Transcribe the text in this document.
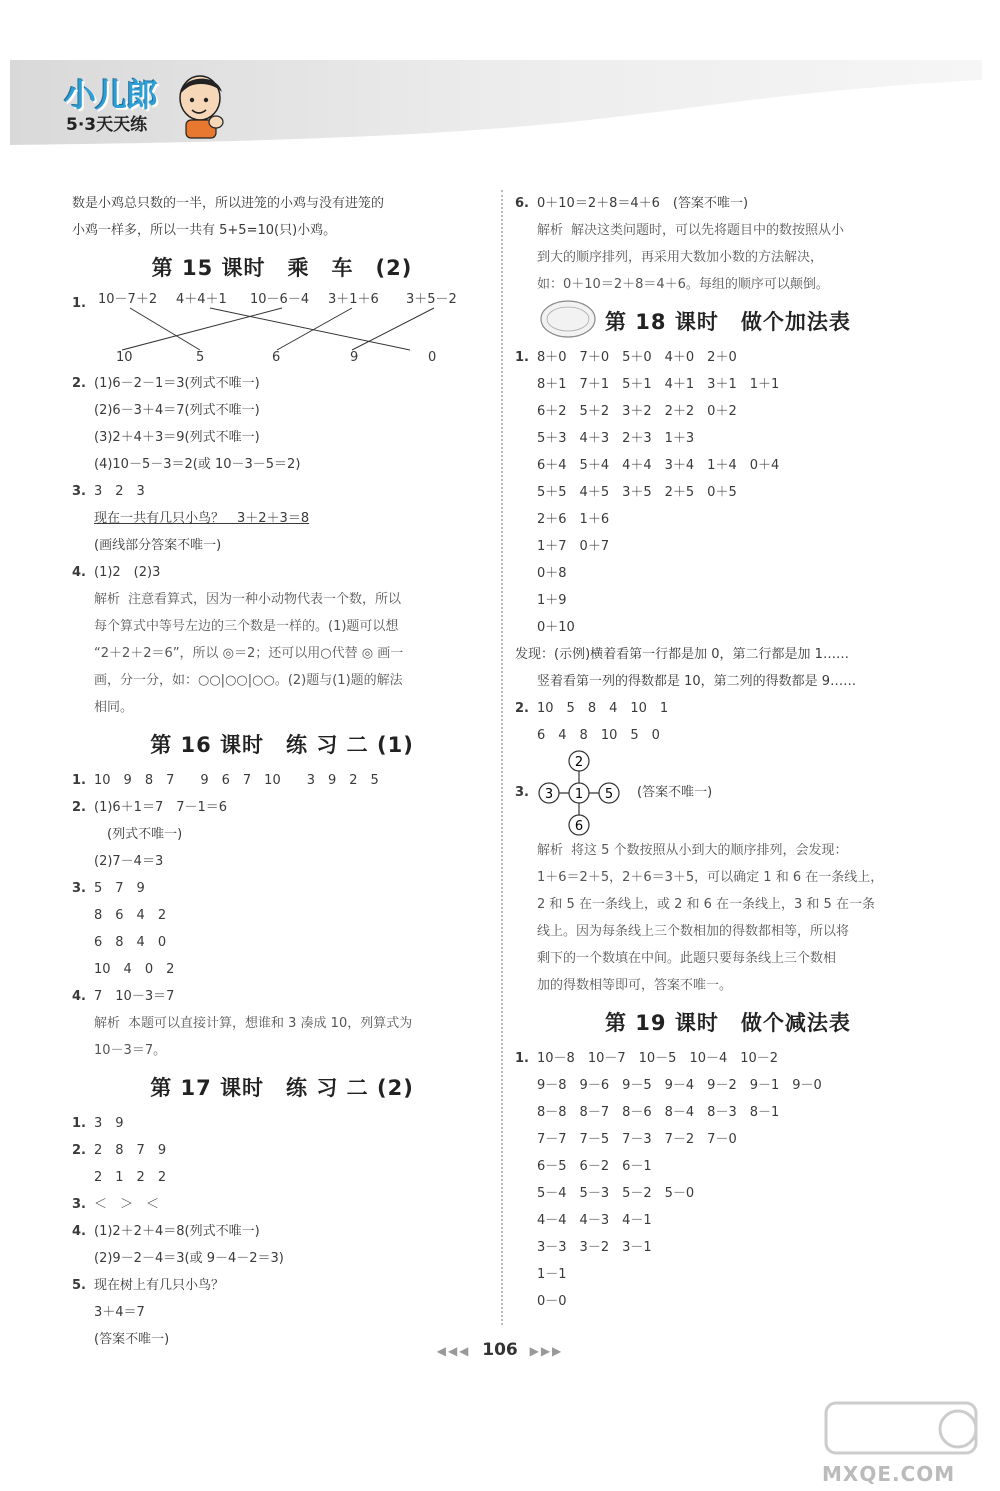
小儿郎
5·3天天练
数是小鸡总只数的一半，所以进笼的小鸡与没有进笼的
小鸡一样多，所以一共有 5+5=10(只)小鸡。
第 15 课时　乘　车　(2)
1. 10－7＋2 4＋4＋1 10－6－4 3＋1＋6 3＋5－2
10	5	6	9	0
2. (1)6－2－1＝3(列式不唯一)
(2)6－3＋4＝7(列式不唯一)
(3)2＋4＋3＝9(列式不唯一)
(4)10－5－3＝2(或 10－3－5＝2)
3. 3　2　3
现在一共有几只小鸟？　3＋2＋3＝8
(画线部分答案不唯一)
4. (1)2　(2)3
解析 注意看算式，因为一种小动物代表一个数，所以
每个算式中等号左边的三个数是一样的。(1)题可以想
“2＋2＋2＝6”，所以 ◎＝2；还可以用○代替 ◎ 画一
画，分一分，如：○○|○○|○○。(2)题与(1)题的解法
相同。
第 16 课时　练 习 二 (1)
1. 10　9　8　7　　9　6　7　10　　3　9　2　5
2. (1)6＋1＝7　7－1＝6
　(列式不唯一)
(2)7－4＝3
3. 5　7　9
8　6　4　2
6　8　4　0
10　4　0　2
4. 7　10－3＝7
解析 本题可以直接计算，想谁和 3 凑成 10，列算式为
10－3＝7。
第 17 课时　练 习 二 (2)
1. 3　9
2. 2　8　7　9
2　1　2　2
3. ＜　＞　＜
4. (1)2＋2＋4＝8(列式不唯一)
(2)9－2－4＝3(或 9－4－2＝3)
5. 现在树上有几只小鸟？
3＋4＝7
(答案不唯一)
6. 0＋10＝2＋8＝4＋6　(答案不唯一)
解析 解决这类问题时，可以先将题目中的数按照从小
到大的顺序排列，再采用大数加小数的方法解决，
如：0＋10＝2＋8＝4＋6。每组的顺序可以颠倒。
第 18 课时　做个加法表
1. 8＋0　7＋0　5＋0　4＋0　2＋0
8＋1　7＋1　5＋1　4＋1　3＋1　1＋1
6＋2　5＋2　3＋2　2＋2　0＋2
5＋3　4＋3　2＋3　1＋3
6＋4　5＋4　4＋4　3＋4　1＋4　0＋4
5＋5　4＋5　3＋5　2＋5　0＋5
2＋6　1＋6
1＋7　0＋7
0＋8
1＋9
0＋10
发现：(示例)横着看第一行都是加 0，第二行都是加 1……
竖着看第一列的得数都是 10，第二列的得数都是 9……
2. 10　5　8　4　10　1
6　4　8　10　5　0
3.
2
3 1 5
6
(答案不唯一)
解析 将这 5 个数按照从小到大的顺序排列，会发现：
1＋6＝2＋5，2＋6＝3＋5，可以确定 1 和 6 在一条线上，
2 和 5 在一条线上，或 2 和 6 在一条线上，3 和 5 在一条
线上。因为每条线上三个数相加的得数都相等，所以将
剩下的一个数填在中间。此题只要每条线上三个数相
加的得数相等即可，答案不唯一。
第 19 课时　做个减法表
1. 10－8　10－7　10－5　10－4　10－2
9－8　9－6　9－5　9－4　9－2　9－1　9－0
8－8　8－7　8－6　8－4　8－3　8－1
7－7　7－5　7－3　7－2　7－0
6－5　6－2　6－1
5－4　5－3　5－2　5－0
4－4　4－3　4－1
3－3　3－2　3－1
1－1
0－0
◀◀◀ 106 ▶▶▶
MXQE.COM
